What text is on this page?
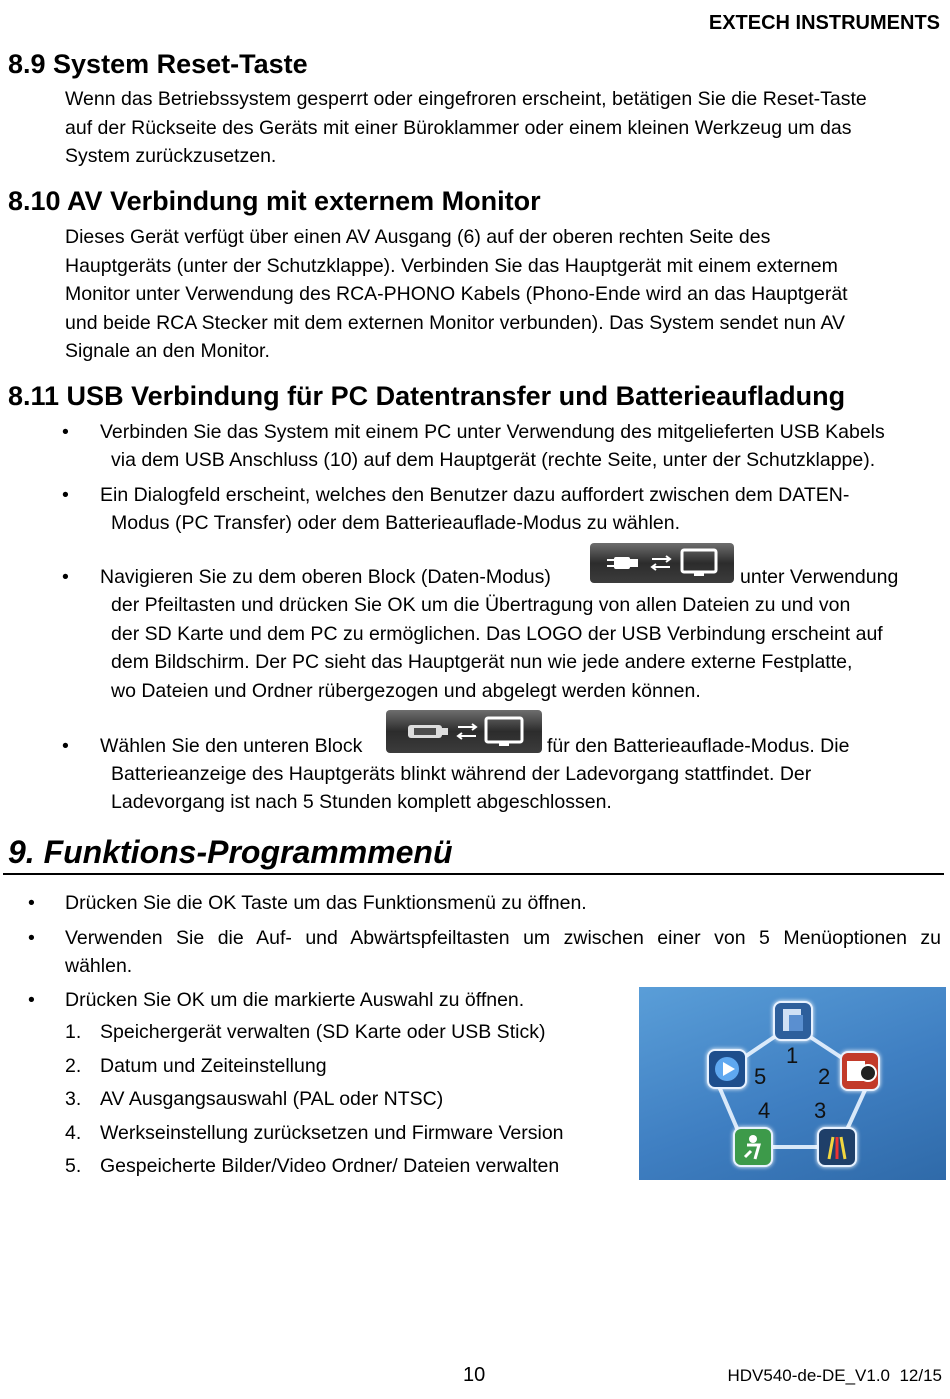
EXTECH INSTRUMENTS
8.9 System Reset-Taste
Wenn das Betriebssystem gesperrt oder eingefroren erscheint, betätigen Sie die Reset-Taste
auf der Rückseite des Geräts mit einer Büroklammer oder einem kleinen Werkzeug um das
System zurückzusetzen.
8.10 AV Verbindung mit externem Monitor
Dieses Gerät verfügt über einen AV Ausgang (6) auf der oberen rechten Seite des
Hauptgeräts (unter der Schutzklappe). Verbinden Sie das Hauptgerät mit einem externem
Monitor unter Verwendung des RCA-PHONO Kabels (Phono-Ende wird an das Hauptgerät
und beide RCA Stecker mit dem externen Monitor verbunden). Das System sendet nun AV
Signale an den Monitor.
8.11 USB Verbindung für PC Datentransfer und Batterieaufladung
• Verbinden Sie das System mit einem PC unter Verwendung des mitgelieferten USB Kabels
via dem USB Anschluss (10) auf dem Hauptgerät (rechte Seite, unter der Schutzklappe).
• Ein Dialogfeld erscheint, welches den Benutzer dazu auffordert zwischen dem DATEN-
Modus (PC Transfer) oder dem Batterieauflade-Modus zu wählen.
• Navigieren Sie zu dem oberen Block (Daten-Modus)	unter Verwendung
der Pfeiltasten und drücken Sie OK um die Übertragung von allen Dateien zu und von
der SD Karte und dem PC zu ermöglichen. Das LOGO der USB Verbindung erscheint auf
dem Bildschirm. Der PC sieht das Hauptgerät nun wie jede andere externe Festplatte,
wo Dateien und Ordner rübergezogen und abgelegt werden können.
• Wählen Sie den unteren Block	für den Batterieauflade-Modus. Die
Batterieanzeige des Hauptgeräts blinkt während der Ladevorgang stattfindet. Der
Ladevorgang ist nach 5 Stunden komplett abgeschlossen.
9. Funktions-Programmmenü
• Drücken Sie die OK Taste um das Funktionsmenü zu öffnen.
• Verwenden Sie die Auf- und Abwärtspfeiltasten um zwischen einer von 5 Menüoptionen zu
wählen.
• Drücken Sie OK um die markierte Auswahl zu öffnen.
1. Speichergerät verwalten (SD Karte oder USB Stick)
2. Datum und Zeiteinstellung
3. AV Ausgangsauswahl (PAL oder NTSC)
4. Werkseinstellung zurücksetzen und Firmware Version
5. Gespeicherte Bilder/Video Ordner/ Dateien verwalten
1
2
3
4
5
10	HDV540-de-DE_V1.0  12/15
